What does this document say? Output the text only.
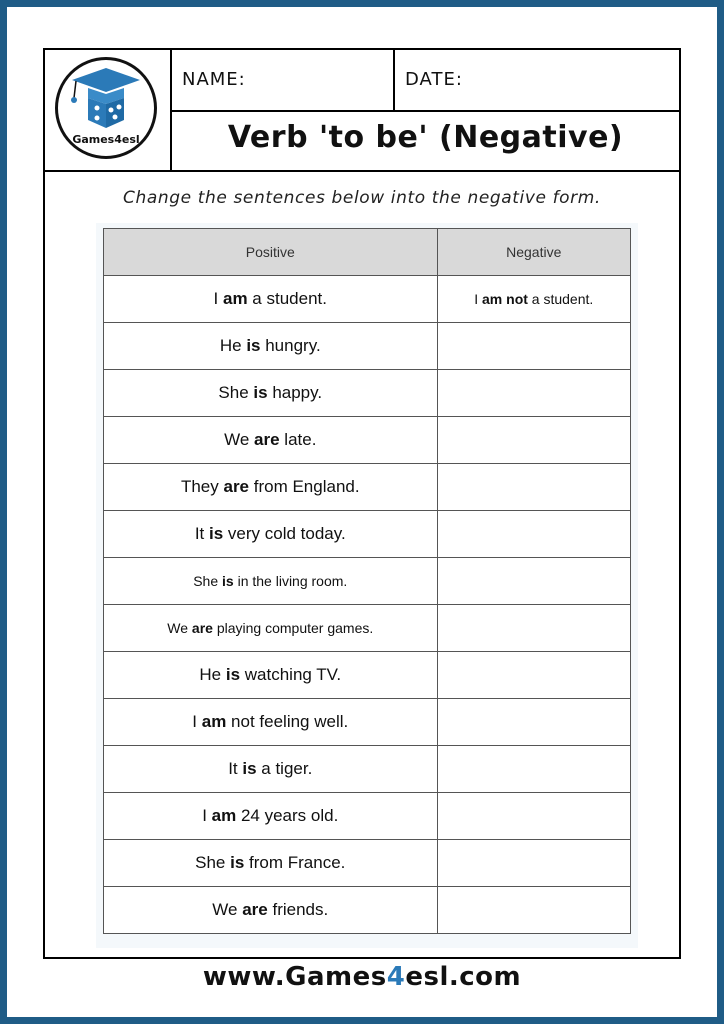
Games4esl
NAME:	DATE:
Verb 'to be' (Negative)
Change the sentences below into the negative form.
Positive	Negative
I am a student.	I am not a student.
He is hungry.	
She is happy.	
We are late.	
They are from England.	
It is very cold today.	
She is in the living room.	
We are playing computer games.	
He is watching TV.	
I am not feeling well.	
It is a tiger.	
I am 24 years old.	
She is from France.	
We are friends.	
www.Games4esl.com
